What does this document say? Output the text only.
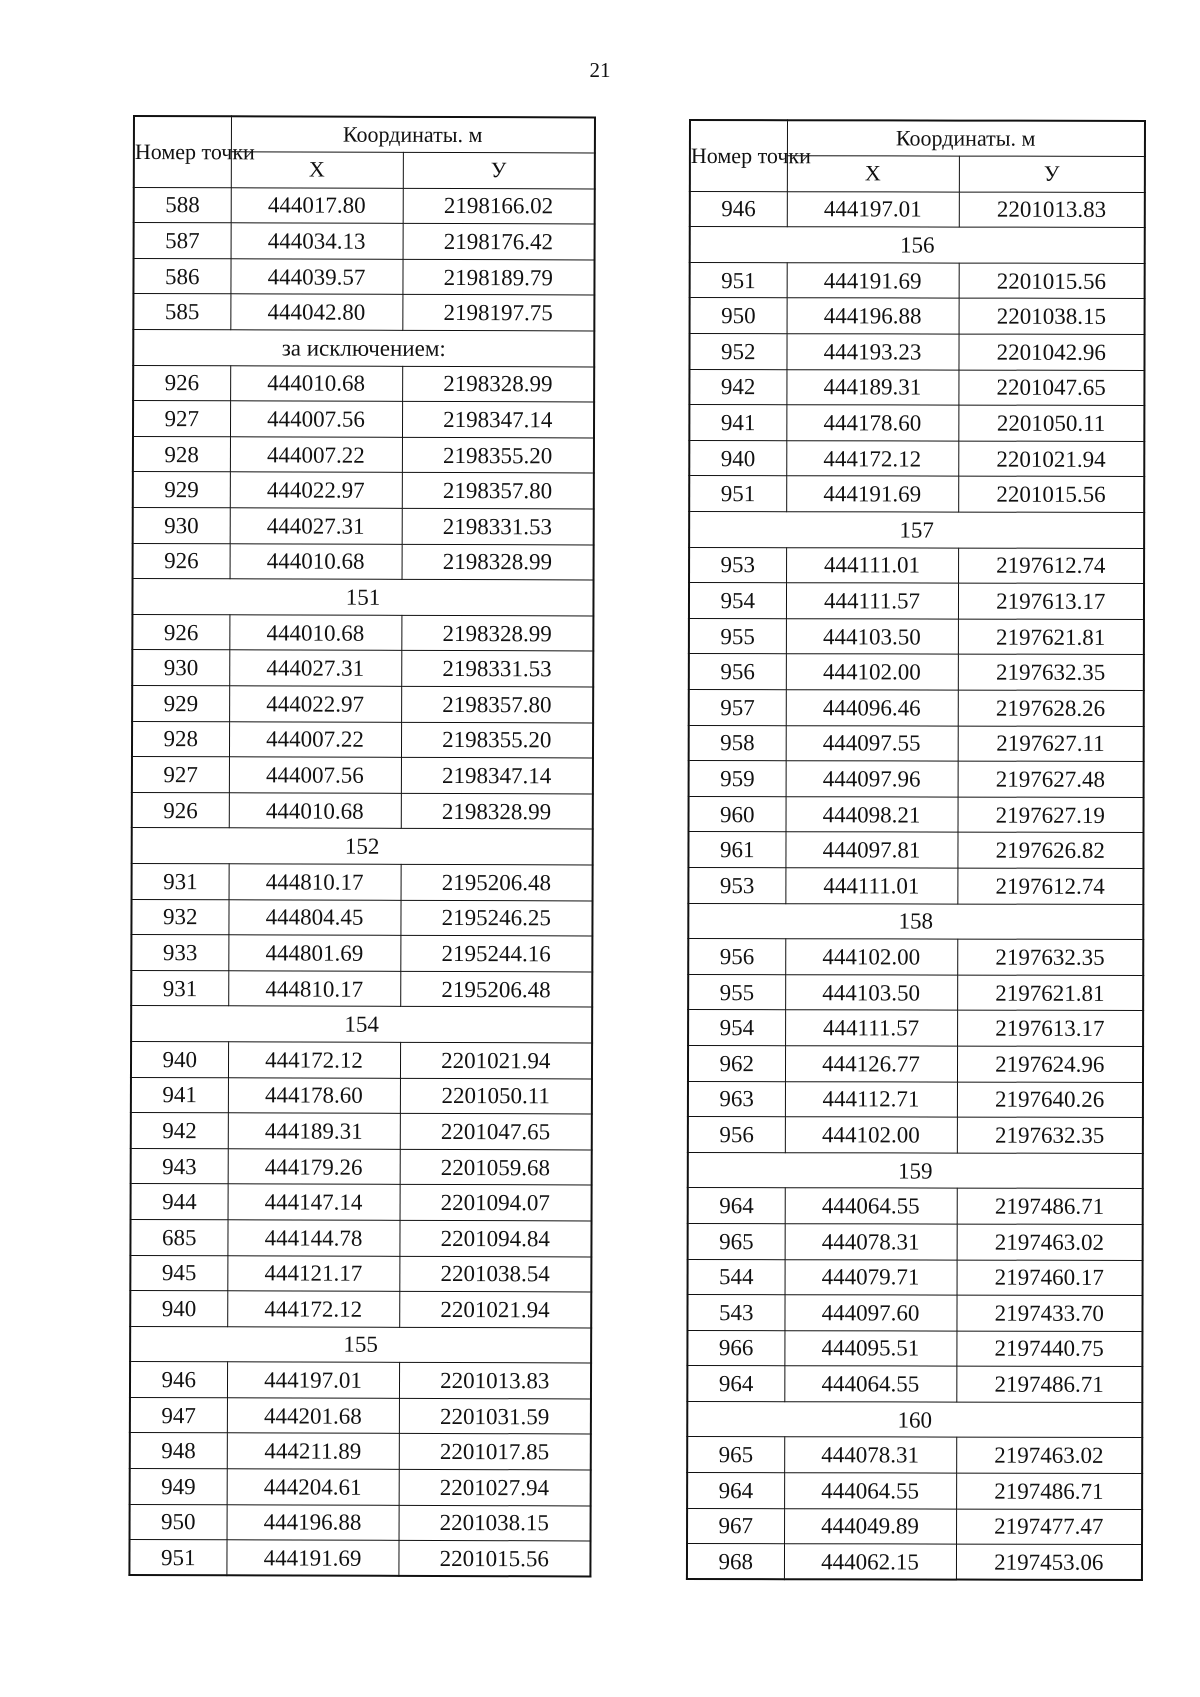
21
Номер точки	Координаты. м	
	X	У
588	444017.80	2198166.02
587	444034.13	2198176.42
586	444039.57	2198189.79
585	444042.80	2198197.75
за исключением:		
926	444010.68	2198328.99
927	444007.56	2198347.14
928	444007.22	2198355.20
929	444022.97	2198357.80
930	444027.31	2198331.53
926	444010.68	2198328.99
151		
926	444010.68	2198328.99
930	444027.31	2198331.53
929	444022.97	2198357.80
928	444007.22	2198355.20
927	444007.56	2198347.14
926	444010.68	2198328.99
152		
931	444810.17	2195206.48
932	444804.45	2195246.25
933	444801.69	2195244.16
931	444810.17	2195206.48
154		
940	444172.12	2201021.94
941	444178.60	2201050.11
942	444189.31	2201047.65
943	444179.26	2201059.68
944	444147.14	2201094.07
685	444144.78	2201094.84
945	444121.17	2201038.54
940	444172.12	2201021.94
155		
946	444197.01	2201013.83
947	444201.68	2201031.59
948	444211.89	2201017.85
949	444204.61	2201027.94
950	444196.88	2201038.15
951	444191.69	2201015.56
Номер точки	Координаты. м	
	X	У
946	444197.01	2201013.83
156		
951	444191.69	2201015.56
950	444196.88	2201038.15
952	444193.23	2201042.96
942	444189.31	2201047.65
941	444178.60	2201050.11
940	444172.12	2201021.94
951	444191.69	2201015.56
157		
953	444111.01	2197612.74
954	444111.57	2197613.17
955	444103.50	2197621.81
956	444102.00	2197632.35
957	444096.46	2197628.26
958	444097.55	2197627.11
959	444097.96	2197627.48
960	444098.21	2197627.19
961	444097.81	2197626.82
953	444111.01	2197612.74
158		
956	444102.00	2197632.35
955	444103.50	2197621.81
954	444111.57	2197613.17
962	444126.77	2197624.96
963	444112.71	2197640.26
956	444102.00	2197632.35
159		
964	444064.55	2197486.71
965	444078.31	2197463.02
544	444079.71	2197460.17
543	444097.60	2197433.70
966	444095.51	2197440.75
964	444064.55	2197486.71
160		
965	444078.31	2197463.02
964	444064.55	2197486.71
967	444049.89	2197477.47
968	444062.15	2197453.06
